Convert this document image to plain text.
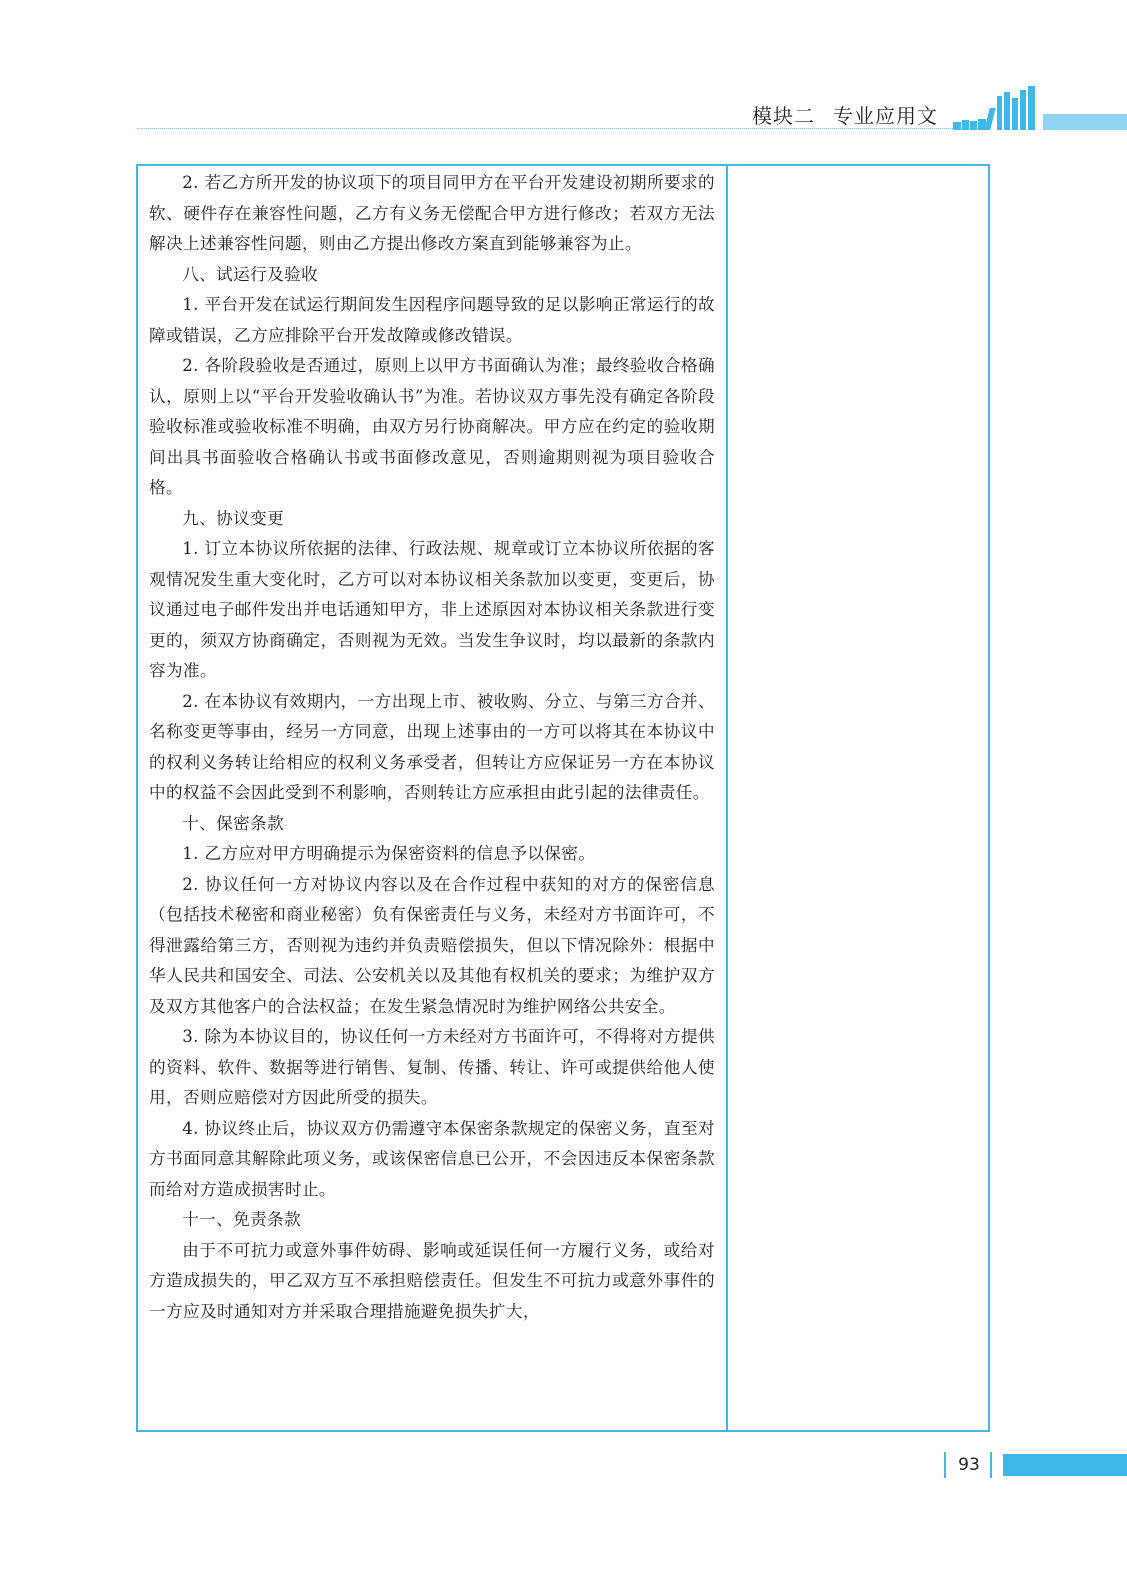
模块二 专业应用文

2. 若乙方所开发的协议项下的项目同甲方在平台开发建设初期所要求的软、硬件存在兼容性问题，乙方有义务无偿配合甲方进行修改；若双方无法解决上述兼容性问题，则由乙方提出修改方案直到能够兼容为止。

八、试运行及验收

1. 平台开发在试运行期间发生因程序问题导致的足以影响正常运行的故障或错误，乙方应排除平台开发故障或修改错误。

2. 各阶段验收是否通过，原则上以甲方书面确认为准；最终验收合格确认，原则上以“平台开发验收确认书”为准。若协议双方事先没有确定各阶段验收标准或验收标准不明确，由双方另行协商解决。甲方应在约定的验收期间出具书面验收合格确认书或书面修改意见，否则逾期则视为项目验收合格。

九、协议变更

1. 订立本协议所依据的法律、行政法规、规章或订立本协议所依据的客观情况发生重大变化时，乙方可以对本协议相关条款加以变更，变更后，协议通过电子邮件发出并电话通知甲方，非上述原因对本协议相关条款进行变更的，须双方协商确定，否则视为无效。当发生争议时，均以最新的条款内容为准。

2. 在本协议有效期内，一方出现上市、被收购、分立、与第三方合并、名称变更等事由，经另一方同意，出现上述事由的一方可以将其在本协议中的权利义务转让给相应的权利义务承受者，但转让方应保证另一方在本协议中的权益不会因此受到不利影响，否则转让方应承担由此引起的法律责任。

十、保密条款

1. 乙方应对甲方明确提示为保密资料的信息予以保密。

2. 协议任何一方对协议内容以及在合作过程中获知的对方的保密信息（包括技术秘密和商业秘密）负有保密责任与义务，未经对方书面许可，不得泄露给第三方，否则视为违约并负责赔偿损失，但以下情况除外：根据中华人民共和国安全、司法、公安机关以及其他有权机关的要求；为维护双方及双方其他客户的合法权益；在发生紧急情况时为维护网络公共安全。

3. 除为本协议目的，协议任何一方未经对方书面许可，不得将对方提供的资料、软件、数据等进行销售、复制、传播、转让、许可或提供给他人使用，否则应赔偿对方因此所受的损失。

4. 协议终止后，协议双方仍需遵守本保密条款规定的保密义务，直至对方书面同意其解除此项义务，或该保密信息已公开，不会因违反本保密条款而给对方造成损害时止。

十一、免责条款

由于不可抗力或意外事件妨碍、影响或延误任何一方履行义务，或给对方造成损失的，甲乙双方互不承担赔偿责任。但发生不可抗力或意外事件的一方应及时通知对方并采取合理措施避免损失扩大，

93
